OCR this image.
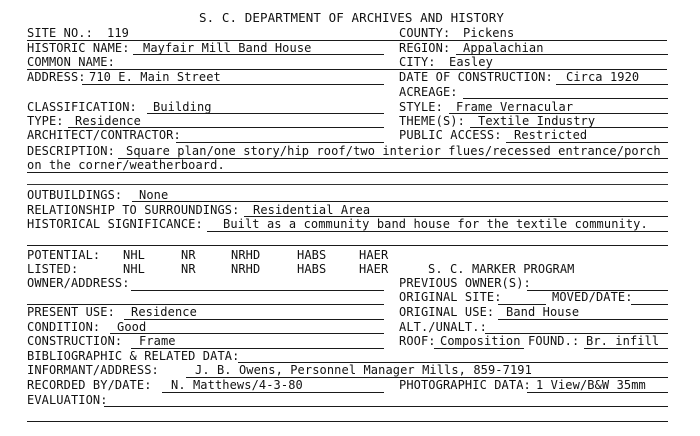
S. C. DEPARTMENT OF ARCHIVES AND HISTORY
SITE NO.: 119	COUNTY: Pickens
HISTORIC NAME: Mayfair Mill Band House	REGION: Appalachian
COMMON NAME:	CITY: Easley
ADDRESS: 710 E. Main Street	DATE OF CONSTRUCTION: Circa 1920
ACREAGE:
CLASSIFICATION: Building	STYLE: Frame Vernacular
TYPE: Residence	THEME(S): Textile Industry
ARCHITECT/CONTRACTOR:	PUBLIC ACCESS: Restricted
DESCRIPTION: Square plan/one story/hip roof/two interior flues/recessed entrance/porch
on the corner/weatherboard.
OUTBUILDINGS: None
RELATIONSHIP TO SURROUNDINGS: Residential Area
HISTORICAL SIGNIFICANCE: Built as a community band house for the textile community.
POTENTIAL: NHL	NR	NRHD	HABS	HAER
LISTED:	NHL	NR	NRHD	HABS	HAER	S. C. MARKER PROGRAM
OWNER/ADDRESS:	PREVIOUS OWNER(S):
ORIGINAL SITE:	MOVED/DATE:
PRESENT USE: Residence	ORIGINAL USE: Band House
CONDITION: Good	ALT./UNALT.:
CONSTRUCTION: Frame	ROOF: Composition FOUND.: Br. infill
BIBLIOGRAPHIC & RELATED DATA:
INFORMANT/ADDRESS:	J. B. Owens, Personnel Manager Mills, 859-7191
RECORDED BY/DATE: N. Matthews/4-3-80	PHOTOGRAPHIC DATA: 1 View/B&W 35mm
EVALUATION:
